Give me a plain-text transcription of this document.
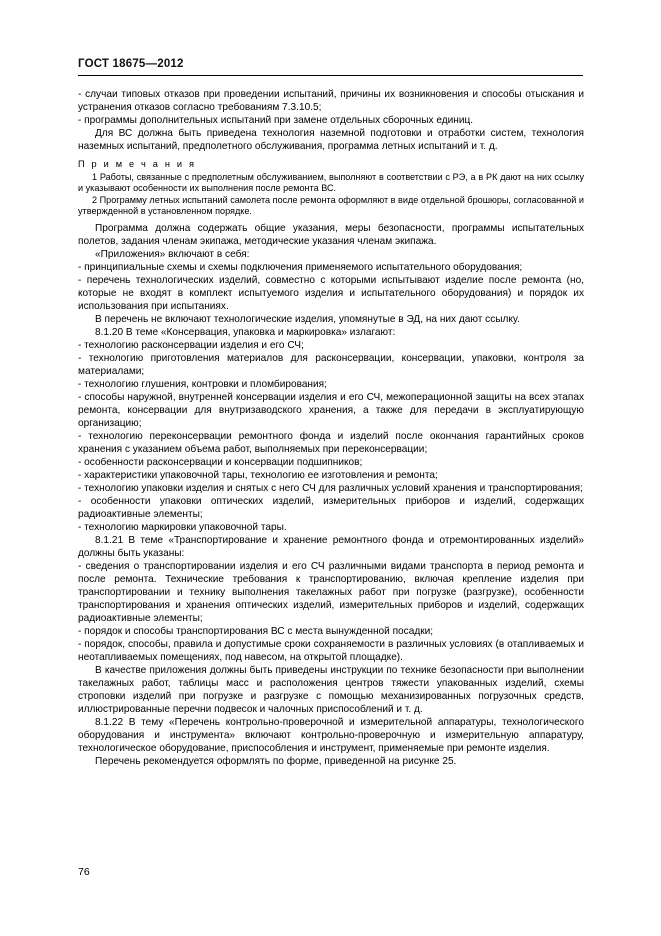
ГОСТ 18675—2012

- случаи типовых отказов при проведении испытаний, причины их возникновения и способы отыскания и устранения отказов согласно требованиям 7.3.10.5;

- программы дополнительных испытаний при замене отдельных сборочных единиц.

Для ВС должна быть приведена технология наземной подготовки и отработки систем, технология наземных испытаний, предполетного обслуживания, программа летных испытаний и т. д.

П р и м е ч а н и я

1 Работы, связанные с предполетным обслуживанием, выполняют в соответствии с РЭ, а в РК дают на них ссылку и указывают особенности их выполнения после ремонта ВС.

2 Программу летных испытаний самолета после ремонта оформляют в виде отдельной брошюры, согласованной и утвержденной в установленном порядке.

Программа должна содержать общие указания, меры безопасности, программы испытательных полетов, задания членам экипажа, методические указания членам экипажа.

«Приложения» включают в себя:

- принципиальные схемы и схемы подключения применяемого испытательного оборудования;

- перечень технологических изделий, совместно с которыми испытывают изделие после ремонта (но, которые не входят в комплект испытуемого изделия и испытательного оборудования) и порядок их использования при испытаниях.

В перечень не включают технологические изделия, упомянутые в ЭД, на них дают ссылку.

8.1.20 В теме «Консервация, упаковка и маркировка» излагают:

- технологию расконсервации изделия и его СЧ;

- технологию приготовления материалов для расконсервации, консервации, упаковки, контроля за материалами;

- технологию глушения, контровки и пломбирования;

- способы наружной, внутренней консервации изделия и его СЧ, межоперационной защиты на всех этапах ремонта, консервации для внутризаводского хранения, а также для передачи в эксплуатирующую организацию;

- технологию переконсервации ремонтного фонда и изделий после окончания гарантийных сроков хранения с указанием объема работ, выполняемых при переконсервации;

- особенности расконсервации и консервации подшипников;

- характеристики упаковочной тары, технологию ее изготовления и ремонта;

- технологию упаковки изделия и снятых с него СЧ для различных условий хранения и транспортирования;

- особенности упаковки оптических изделий, измерительных приборов и изделий, содержащих радиоактивные элементы;

- технологию маркировки упаковочной тары.

8.1.21 В теме «Транспортирование и хранение ремонтного фонда и отремонтированных изделий» должны быть указаны:

- сведения о транспортировании изделия и его СЧ различными видами транспорта в период ремонта и после ремонта. Технические требования к транспортированию, включая крепление изделия при транспортировании и технику выполнения такелажных работ при погрузке (разгрузке), особенности транспортирования и хранения оптических изделий, измерительных приборов и изделий, содержащих радиоактивные элементы;

- порядок и способы транспортирования ВС с места вынужденной посадки;

- порядок, способы, правила и допустимые сроки сохраняемости в различных условиях (в отапливаемых и неотапливаемых помещениях, под навесом, на открытой площадке).

В качестве приложения должны быть приведены инструкции по технике безопасности при выполнении такелажных работ, таблицы масс и расположения центров тяжести упакованных изделий, схемы строповки изделий при погрузке и разгрузке с помощью механизированных погрузочных средств, иллюстрированные перечни подвесок и чалочных приспособлений и т. д.

8.1.22 В тему «Перечень контрольно-проверочной и измерительной аппаратуры, технологического оборудования и инструмента» включают контрольно-проверочную и измерительную аппаратуру, технологическое оборудование, приспособления и инструмент, применяемые при ремонте изделия.

Перечень рекомендуется оформлять по форме, приведенной на рисунке 25.

76
